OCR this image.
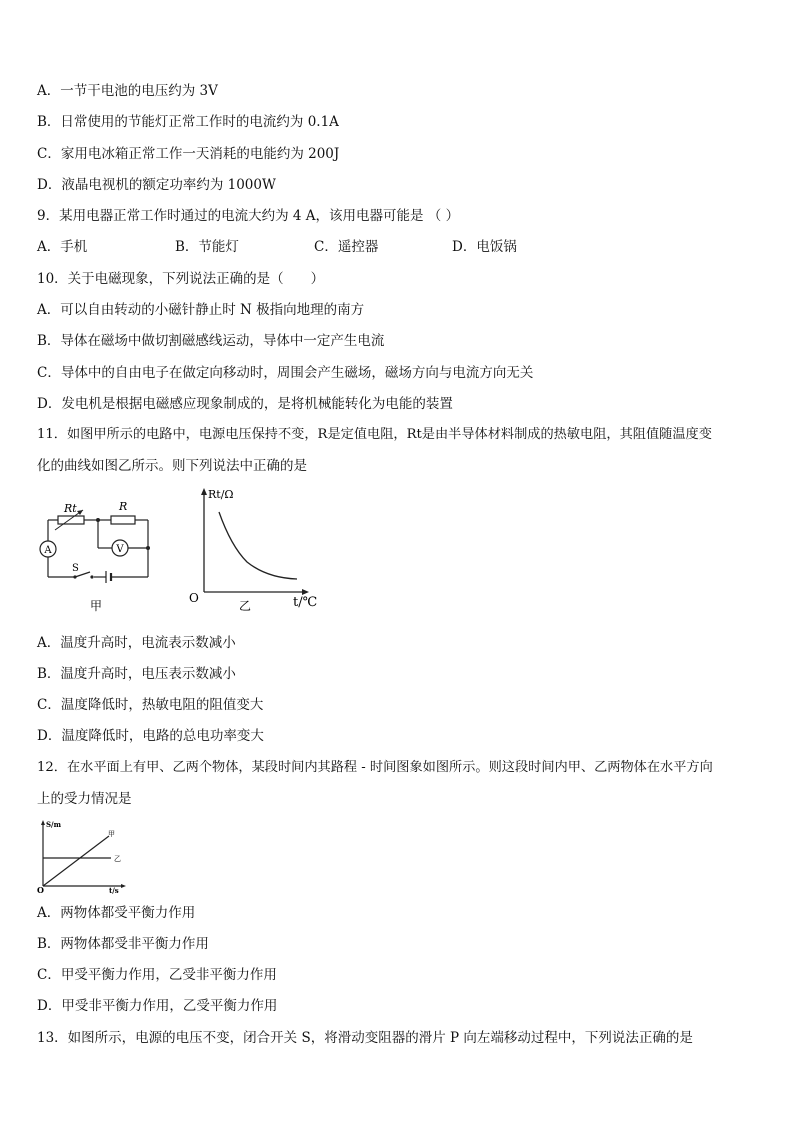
A．一节干电池的电压约为 3V
B．日常使用的节能灯正常工作时的电流约为 0.1A
C．家用电冰箱正常工作一天消耗的电能约为 200J
D．液晶电视机的额定功率约为 1000W
9．某用电器正常工作时通过的电流大约为 4 A，该用电器可能是 （ ）
A．手机	B．节能灯	C．遥控器	D．电饭锅
10．关于电磁现象，下列说法正确的是（　　）
A．可以自由转动的小磁针静止时 N 极指向地理的南方
B．导体在磁场中做切割磁感线运动，导体中一定产生电流
C．导体中的自由电子在做定向移动时，周围会产生磁场，磁场方向与电流方向无关
D．发电机是根据电磁感应现象制成的，是将机械能转化为电能的装置
11．如图甲所示的电路中，电源电压保持不变，R是定值电阻，Rt是由半导体材料制成的热敏电阻，其阻值随温度变
化的曲线如图乙所示。则下列说法中正确的是
A	V
Rt	R
S
甲
Rt/Ω
O	t/℃
乙
A．温度升高时，电流表示数减小
B．温度升高时，电压表示数减小
C．温度降低时，热敏电阻的阻值变大
D．温度降低时，电路的总电功率变大
12．在水平面上有甲、乙两个物体，某段时间内其路程 - 时间图象如图所示。则这段时间内甲、乙两物体在水平方向
上的受力情况是
S/m
O	t/s
甲
乙
A．两物体都受平衡力作用
B．两物体都受非平衡力作用
C．甲受平衡力作用，乙受非平衡力作用
D．甲受非平衡力作用，乙受平衡力作用
13．如图所示，电源的电压不变，闭合开关 S，将滑动变阻器的滑片 P 向左端移动过程中，下列说法正确的是
